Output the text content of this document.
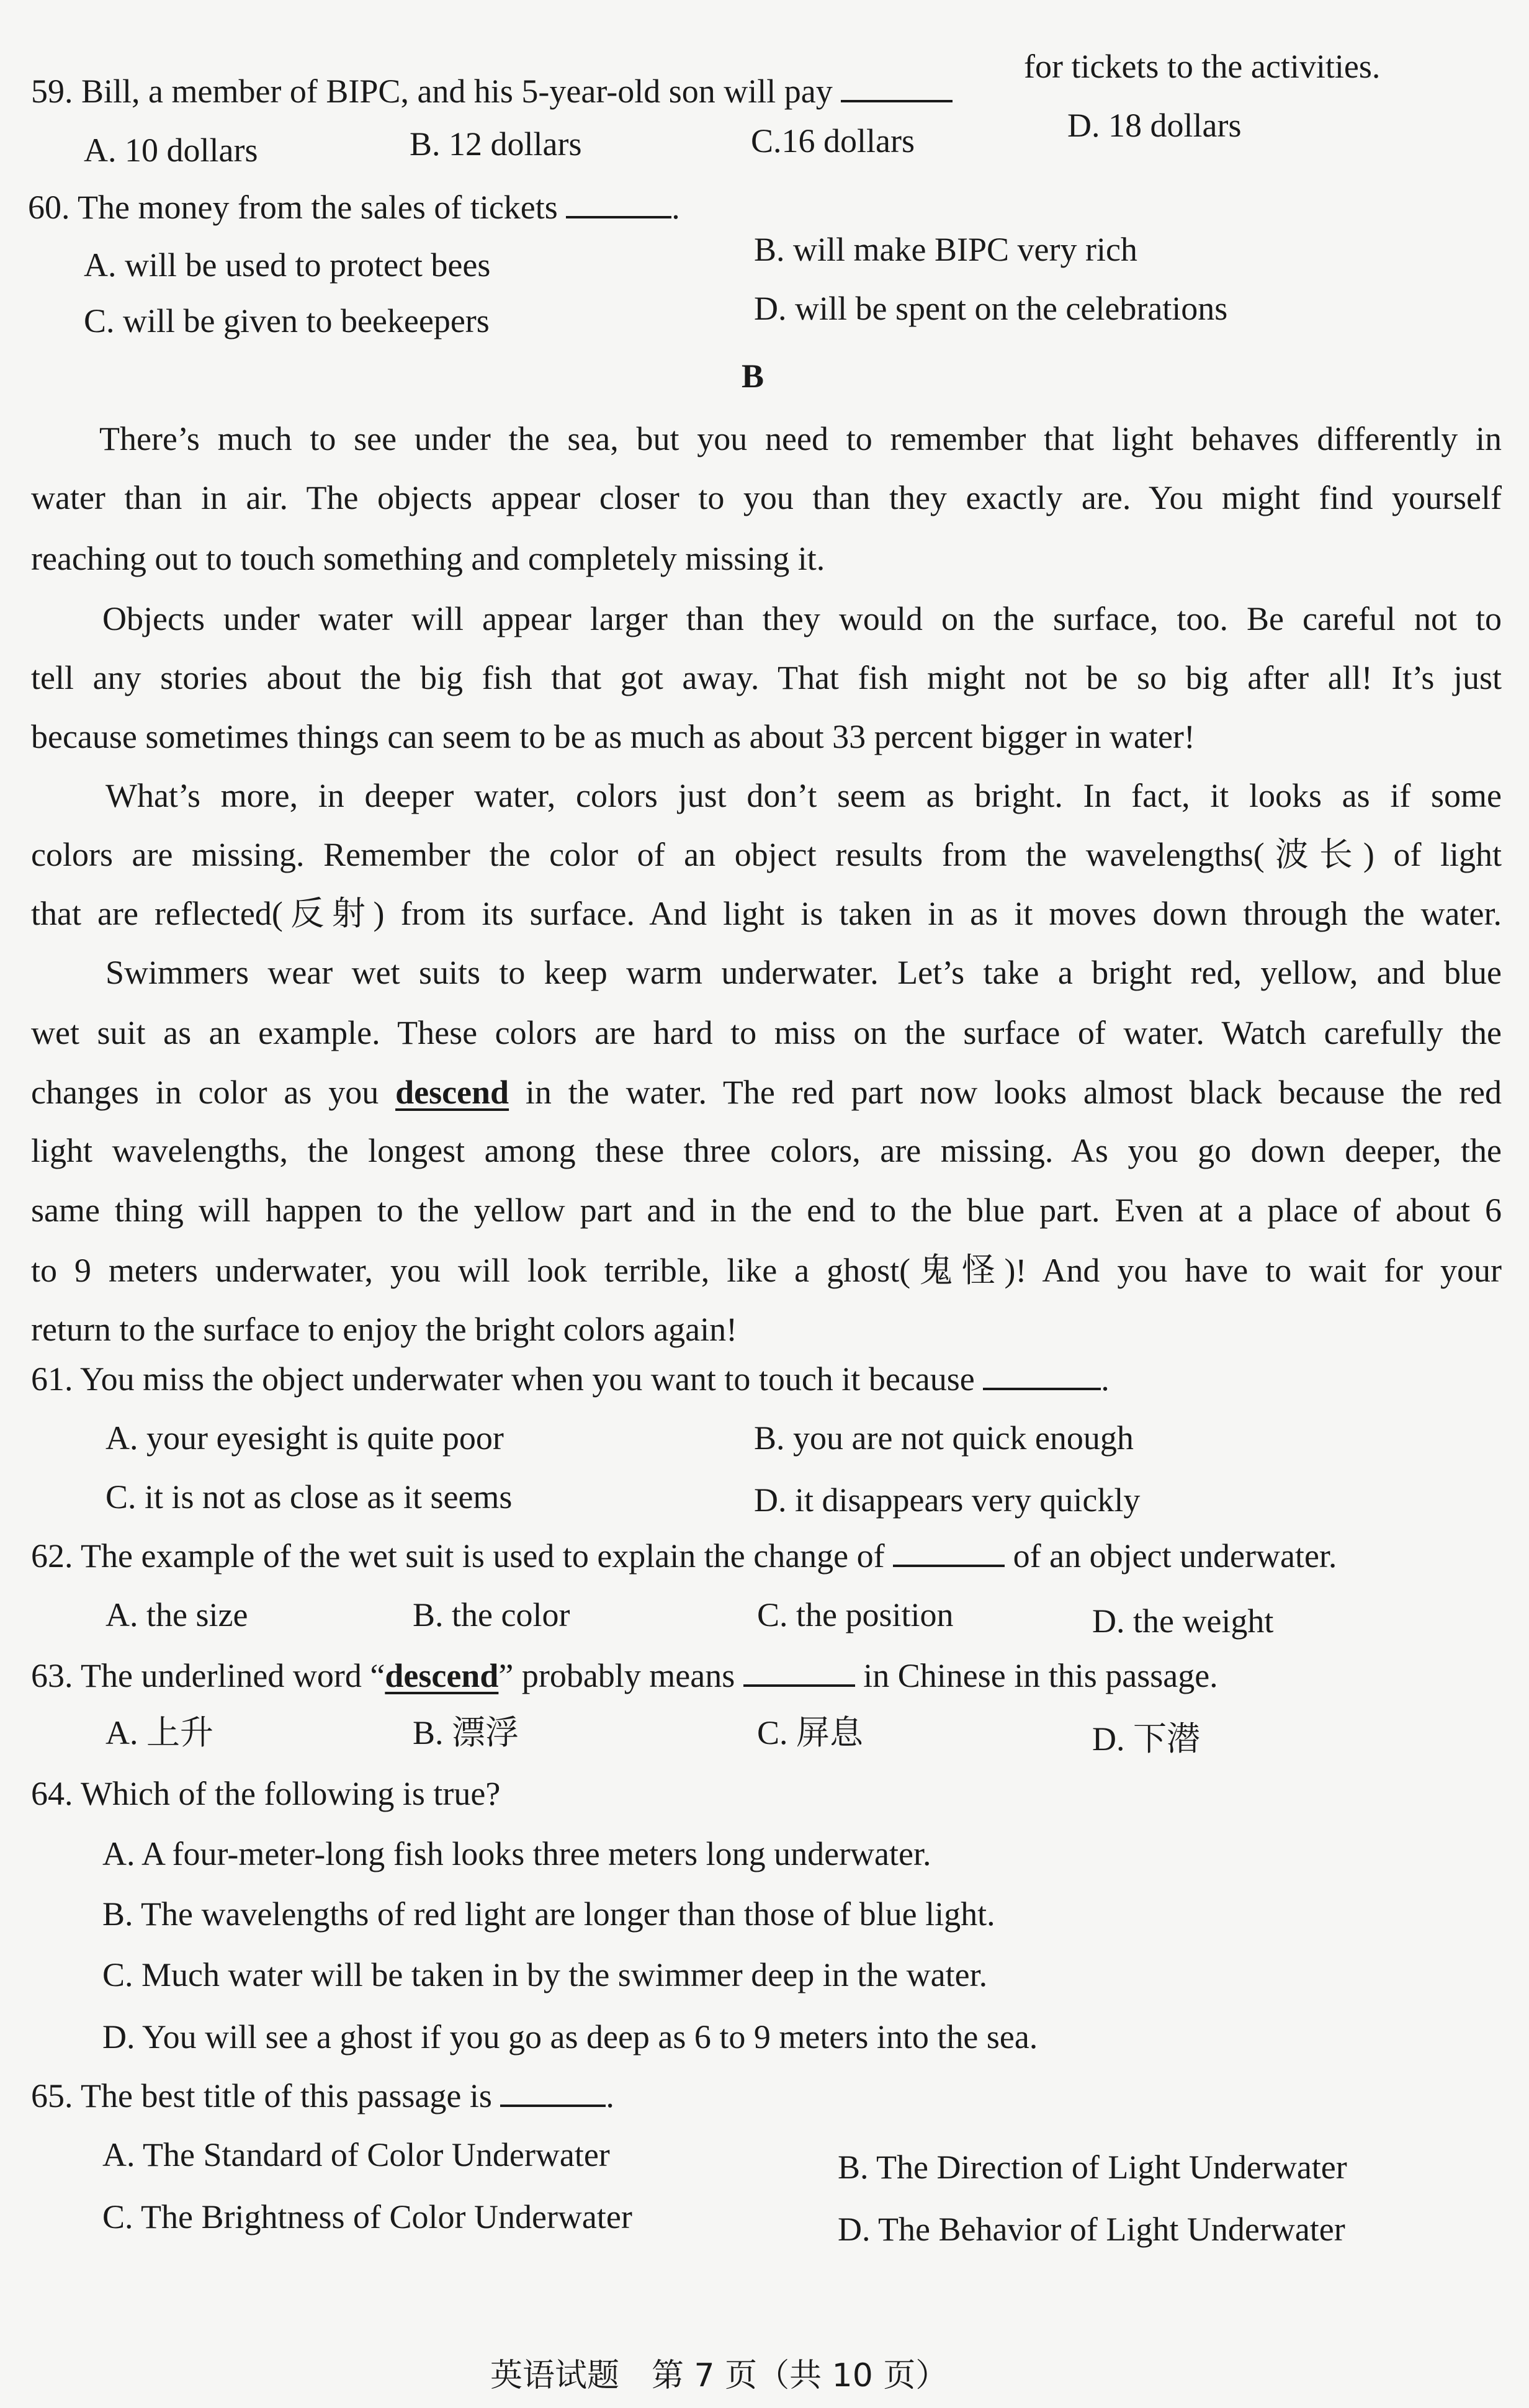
59. Bill, a member of BIPC, and his 5-year-old son will pay
for tickets to the activities.
A. 10 dollars	B. 12 dollars	C.16 dollars	D. 18 dollars
60. The money from the sales of tickets	.
A. will be used to protect bees	B. will make BIPC very rich
C. will be given to beekeepers	D. will be spent on the celebrations
B
There’s much to see under the sea, but you need to remember that light behaves differently in
water than in air. The objects appear closer to you than they exactly are. You might find yourself
reaching out to touch something and completely missing it.
Objects under water will appear larger than they would on the surface, too. Be careful not to
tell any stories about the big fish that got away. That fish might not be so big after all! It’s just
because sometimes things can seem to be as much as about 33 percent bigger in water!
What’s more, in deeper water, colors just don’t seem as bright. In fact, it looks as if some
colors are missing. Remember the color of an object results from the wavelengths(波长) of light
that are reflected(反射) from its surface. And light is taken in as it moves down through the water.
Swimmers wear wet suits to keep warm underwater. Let’s take a bright red, yellow, and blue
wet suit as an example. These colors are hard to miss on the surface of water. Watch carefully the
changes in color as you descend in the water. The red part now looks almost black because the red
light wavelengths, the longest among these three colors, are missing. As you go down deeper, the
same thing will happen to the yellow part and in the end to the blue part. Even at a place of about 6
to 9 meters underwater, you will look terrible, like a ghost(鬼怪)! And you have to wait for your
return to the surface to enjoy the bright colors again!
61. You miss the object underwater when you want to touch it because	.
A. your eyesight is quite poor	B. you are not quick enough
C. it is not as close as it seems	D. it disappears very quickly
62. The example of the wet suit is used to explain the change of	of an object underwater.
A. the size	B. the color	C. the position	D. the weight
63. The underlined word “descend” probably means	in Chinese in this passage.
A. 上升	B. 漂浮	C. 屏息	D. 下潜
64. Which of the following is true?
A. A four-meter-long fish looks three meters long underwater.
B. The wavelengths of red light are longer than those of blue light.
C. Much water will be taken in by the swimmer deep in the water.
D. You will see a ghost if you go as deep as 6 to 9 meters into the sea.
65. The best title of this passage is	.
A. The Standard of Color Underwater	B. The Direction of Light Underwater
C. The Brightness of Color Underwater	D. The Behavior of Light Underwater
英语试题　第 7 页（共 10 页）
